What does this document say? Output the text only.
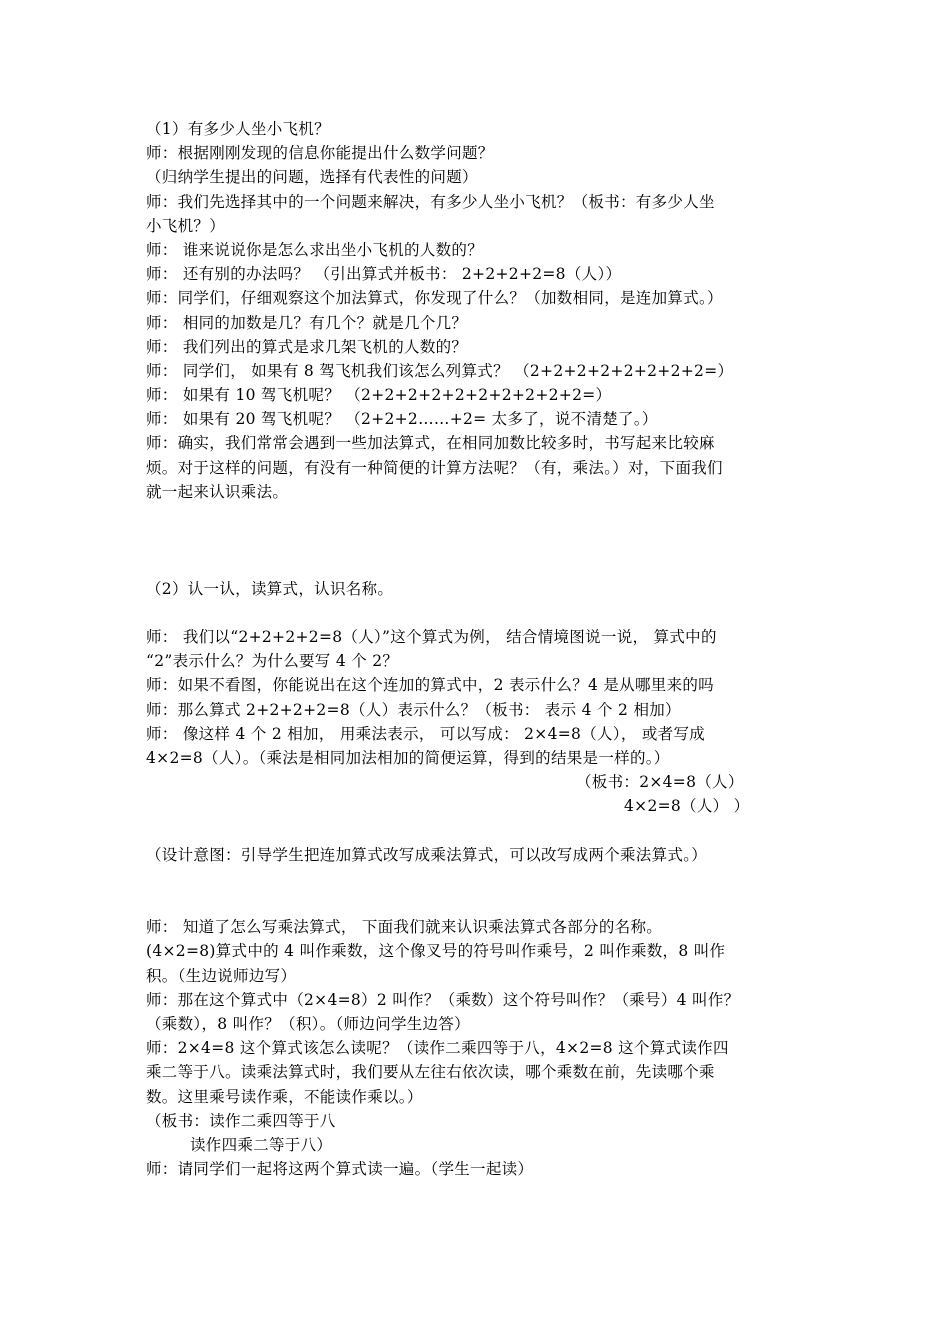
（1）有多少人坐小飞机？
师：根据刚刚发现的信息你能提出什么数学问题？
（归纳学生提出的问题，选择有代表性的问题）
师：我们先选择其中的一个问题来解决，有多少人坐小飞机？（板书：有多少人坐
小飞机？）
师： 谁来说说你是怎么求出坐小飞机的人数的？
师： 还有别的办法吗？ （引出算式并板书： 2+2+2+2=8（人））
师：同学们，仔细观察这个加法算式，你发现了什么？（加数相同，是连加算式。）
师： 相同的加数是几？有几个？就是几个几？
师： 我们列出的算式是求几架飞机的人数的？
师： 同学们， 如果有 8 驾飞机我们该怎么列算式？ （2+2+2+2+2+2+2+2=）
师： 如果有 10 驾飞机呢？ （2+2+2+2+2+2+2+2+2+2=）
师： 如果有 20 驾飞机呢？ （2+2+2……+2= 太多了，说不清楚了。）
师：确实，我们常常会遇到一些加法算式，在相同加数比较多时，书写起来比较麻
烦。对于这样的问题，有没有一种简便的计算方法呢？（有，乘法。）对，下面我们
就一起来认识乘法。
（2）认一认，读算式，认识名称。
师： 我们以“2+2+2+2=8（人）”这个算式为例， 结合情境图说一说， 算式中的
“2”表示什么？为什么要写 4 个 2？
师：如果不看图，你能说出在这个连加的算式中，2 表示什么？4 是从哪里来的吗
师：那么算式 2+2+2+2=8（人）表示什么？（板书： 表示 4 个 2 相加）
师： 像这样 4 个 2 相加， 用乘法表示， 可以写成： 2×4=8（人）， 或者写成
4×2=8（人）。（乘法是相同加法相加的简便运算，得到的结果是一样的。）
（板书：2×4=8（人）
4×2=8（人） ）
（设计意图：引导学生把连加算式改写成乘法算式，可以改写成两个乘法算式。）
师： 知道了怎么写乘法算式， 下面我们就来认识乘法算式各部分的名称。
(4×2=8)算式中的 4 叫作乘数，这个像叉号的符号叫作乘号，2 叫作乘数，8 叫作
积。（生边说师边写）
师：那在这个算式中（2×4=8）2 叫作？（乘数）这个符号叫作？（乘号）4 叫作？
（乘数），8 叫作？（积）。（师边问学生边答）
师：2×4=8 这个算式该怎么读呢？（读作二乘四等于八，4×2=8 这个算式读作四
乘二等于八。读乘法算式时，我们要从左往右依次读，哪个乘数在前，先读哪个乘
数。这里乘号读作乘，不能读作乘以。）
（板书：读作二乘四等于八
读作四乘二等于八）
师：请同学们一起将这两个算式读一遍。（学生一起读）
